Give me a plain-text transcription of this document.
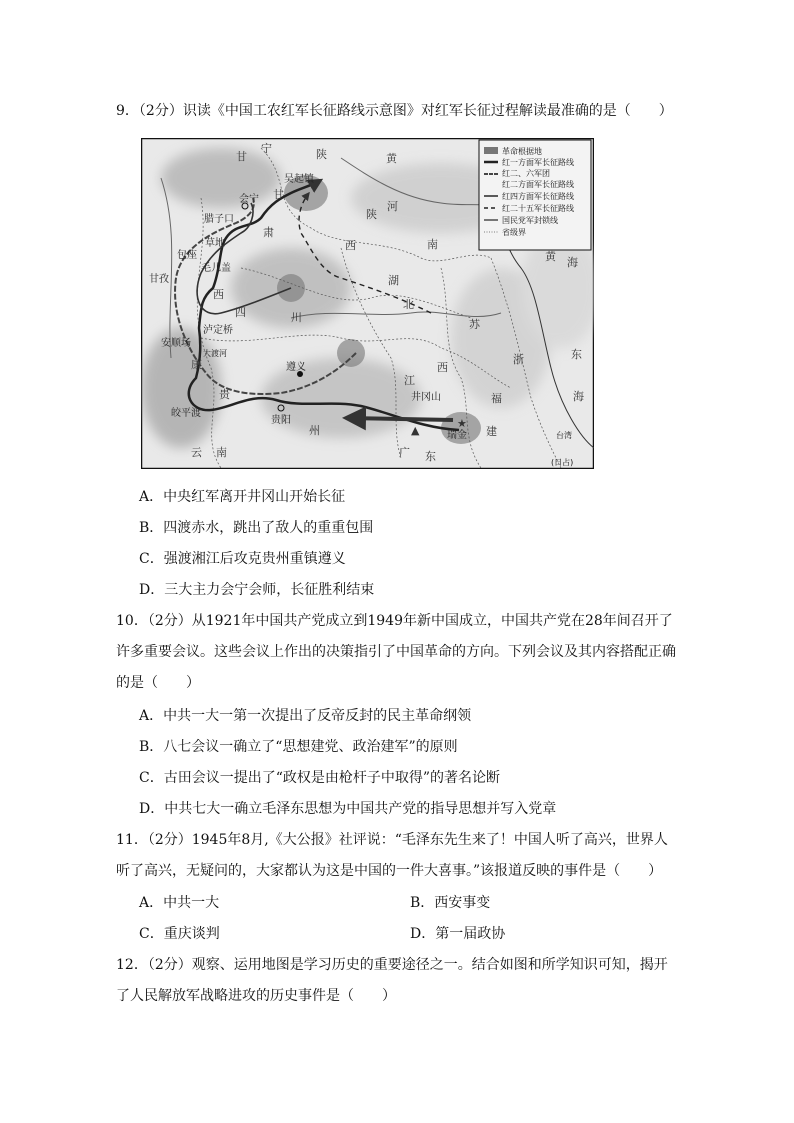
9．（2分）识读《中国工农红军长征路线示意图》对红军长征过程解读最准确的是（　　）
★
▲
吴起镇
会宁
腊子口
包座
草地
毛儿盖
甘孜
泸定桥
安顺场
大渡河
遵义
贵阳
皎平渡
瑞金
井冈山
台湾
(日占)
甘
宁	陕	黄
河
南
西
湖
北
四	川
贵
州
江
西
福
建
广 东
云 南
黄 海
东
海
康
西
甘
肃
陕
苏
浙
革命根据地
红一方面军长征路线
红二、六军团
红二方面军长征路线
红四方面军长征路线
红二十五军长征路线
国民党军封锁线
省级界
A．中央红军离开井冈山开始长征
B．四渡赤水，跳出了敌人的重重包围
C．强渡湘江后攻克贵州重镇遵义
D．三大主力会宁会师，长征胜利结束
10．（2分）从1921年中国共产党成立到1949年新中国成立，中国共产党在28年间召开了许多重要会议。这些会议上作出的决策指引了中国革命的方向。下列会议及其内容搭配正确的是（　　）
A．中共一大一第一次提出了反帝反封的民主革命纲领
B．八七会议一确立了“思想建党、政治建军”的原则
C．古田会议一提出了“政权是由枪杆子中取得”的著名论断
D．中共七大一确立毛泽东思想为中国共产党的指导思想并写入党章
11．（2分）1945年8月,《大公报》社评说：“毛泽东先生来了！中国人听了高兴，世界人听了高兴，无疑问的，大家都认为这是中国的一件大喜事。”该报道反映的事件是（　　）
A．中共一大	B．西安事变
C．重庆谈判	D．第一届政协
12．（2分）观察、运用地图是学习历史的重要途径之一。结合如图和所学知识可知，揭开了人民解放军战略进攻的历史事件是（　　）
